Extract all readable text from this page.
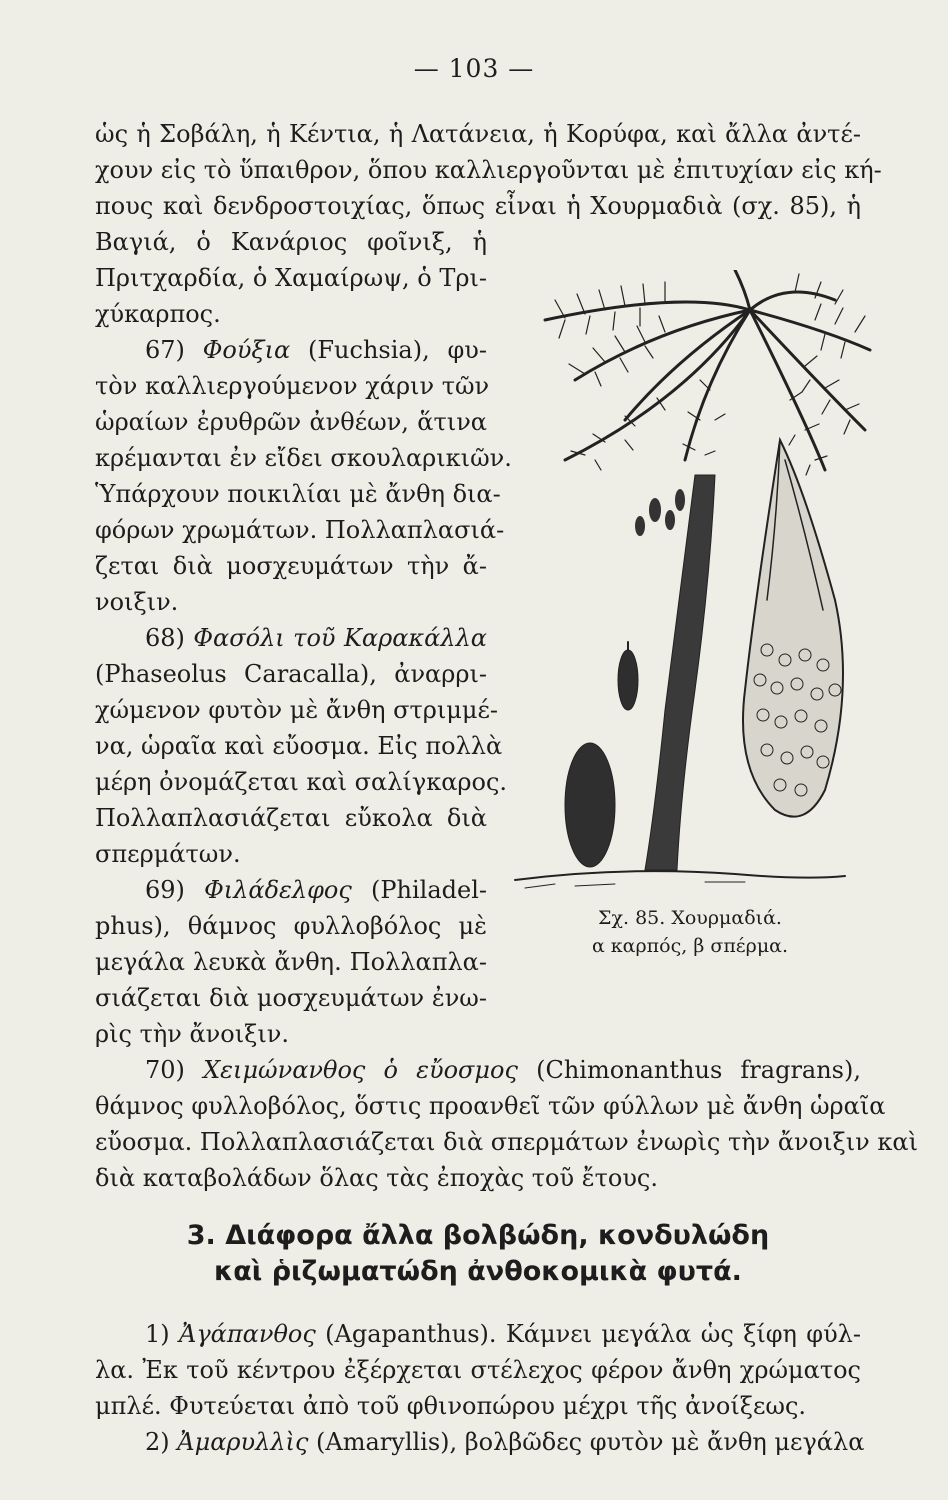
— 103 —

ὡς ἡ Σοβάλη, ἡ Κέντια, ἡ Λατάνεια, ἡ Κορύφα, καὶ ἄλλα ἀντέ-

χουν εἰς τὸ ὕπαιθρον, ὅπου καλλιεργοῦνται μὲ ἐπιτυχίαν εἰς κή-

πους καὶ δενδροστοιχίας, ὅπως εἶναι ἡ Χουρμαδιὰ (σχ. 85), ἡ

Βαγιά, ὁ Κανάριος φοῖνιξ, ἡ

Πριτχαρδία, ὁ Χαμαίρωψ, ὁ Τρι-

χύκαρπος.

67) Φούξια (Fuchsia), φυ-

τὸν καλλιεργούμενον χάριν τῶν

ὡραίων ἐρυθρῶν ἀνθέων, ἅτινα

κρέμανται ἐν εἴδει σκουλαρικιῶν.

Ὑπάρχουν ποικιλίαι μὲ ἄνθη δια-

φόρων χρωμάτων. Πολλαπλασιά-

ζεται διὰ μοσχευμάτων τὴν ἄ-

νοιξιν.

68) Φασόλι τοῦ Καρακάλλα

(Phaseolus Caracalla), ἀναρρι-

χώμενον φυτὸν μὲ ἄνθη στριμμέ-

να, ὡραῖα καὶ εὔοσμα. Εἰς πολλὰ

μέρη ὀνομάζεται καὶ σαλίγκαρος.

Πολλαπλασιάζεται εὔκολα διὰ

σπερμάτων.

69) Φιλάδελφος (Philadel-

phus), θάμνος φυλλοβόλος μὲ

μεγάλα λευκὰ ἄνθη. Πολλαπλα-

σιάζεται διὰ μοσχευμάτων ἐνω-

ρὶς τὴν ἄνοιξιν.

70) Χειμώνανθος ὁ εὔοσμος (Chimonanthus fragrans),

θάμνος φυλλοβόλος, ὅστις προανθεῖ τῶν φύλλων μὲ ἄνθη ὡραῖα

εὔοσμα. Πολλαπλασιάζεται διὰ σπερμάτων ἐνωρὶς τὴν ἄνοιξιν καὶ

διὰ καταβολάδων ὅλας τὰς ἐποχὰς τοῦ ἔτους.

3. Διάφορα ἄλλα βολβώδη, κονδυλώδη

καὶ ῥιζωματώδη ἀνθοκομικὰ φυτά.

1) Ἀγάπανθος (Agapanthus). Κάμνει μεγάλα ὡς ξίφη φύλ-

λα. Ἐκ τοῦ κέντρου ἐξέρχεται στέλεχος φέρον ἄνθη χρώματος

μπλέ. Φυτεύεται ἀπὸ τοῦ φθινοπώρου μέχρι τῆς ἀνοίξεως.

2) Ἀμαρυλλὶς (Amaryllis), βολβῶδες φυτὸν μὲ ἄνθη μεγάλα

Σχ. 85. Χουρμαδιά.

α καρπός, β σπέρμα.
